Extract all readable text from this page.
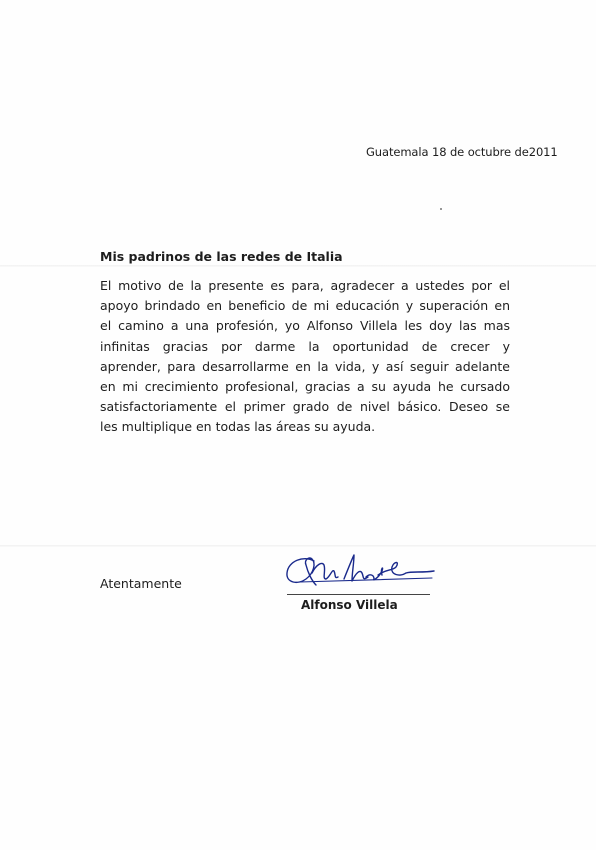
Guatemala 18 de octubre de2011
Mis padrinos de las redes de Italia
El motivo de la presente es para, agradecer a ustedes por el
apoyo brindado en beneficio de mi educación y superación en
el camino a una profesión, yo Alfonso Villela les doy las mas
infinitas gracias por darme la oportunidad de crecer y
aprender, para desarrollarme en la vida, y así seguir adelante
en mi crecimiento profesional, gracias a su ayuda he cursado
satisfactoriamente el primer grado de nivel básico. Deseo se
les multiplique en todas las áreas su ayuda.
Atentamente
Alfonso Villela
